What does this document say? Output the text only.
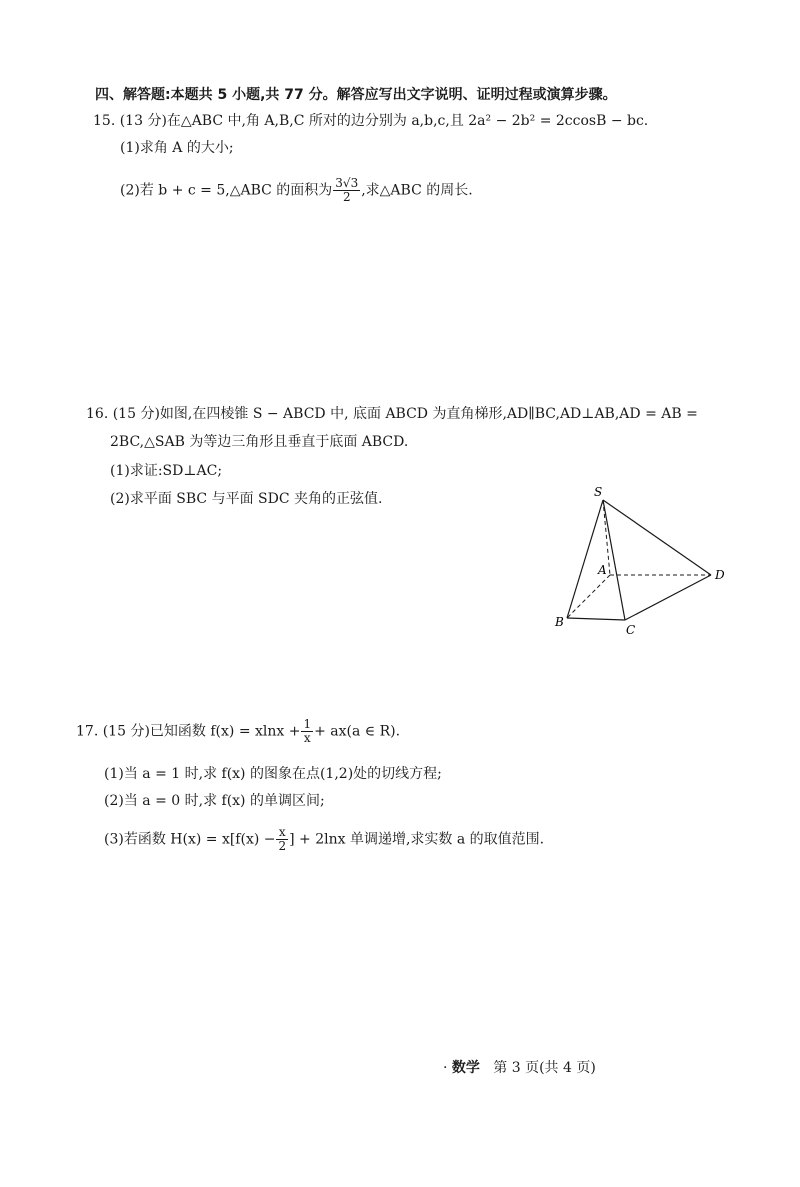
四、解答题:本题共 5 小题,共 77 分。解答应写出文字说明、证明过程或演算步骤。
15. (13 分)在△ABC 中,角 A,B,C 所对的边分别为 a,b,c,且 2a² − 2b² = 2ccosB − bc.
(1)求角 A 的大小;
(2)若 b + c = 5,△ABC 的面积为 $\frac{3√3}{2}$ ,求△ABC 的周长.
16. (15 分)如图,在四棱锥 S − ABCD 中, 底面 ABCD 为直角梯形,AD∥BC,AD⊥AB,AD = AB =
2BC,△SAB 为等边三角形且垂直于底面 ABCD.
(1)求证:SD⊥AC;
(2)求平面 SBC 与平面 SDC 夹角的正弦值.	S
A
B
C
D
17. (15 分)已知函数 $f(x) = xlnx + \frac{1}{x} + ax(a$ ∈ R).
(1)当 a = 1 时,求 f(x) 的图象在点(1,2)处的切线方程;
(2)当 a = 0 时,求 f(x) 的单调区间;
(3)若函数 $H(x) = x[f(x) - \frac{x}{2}$ ] + 2lnx 单调递增,求实数 a 的取值范围.
· 数学 第 3 页(共 4 页)
